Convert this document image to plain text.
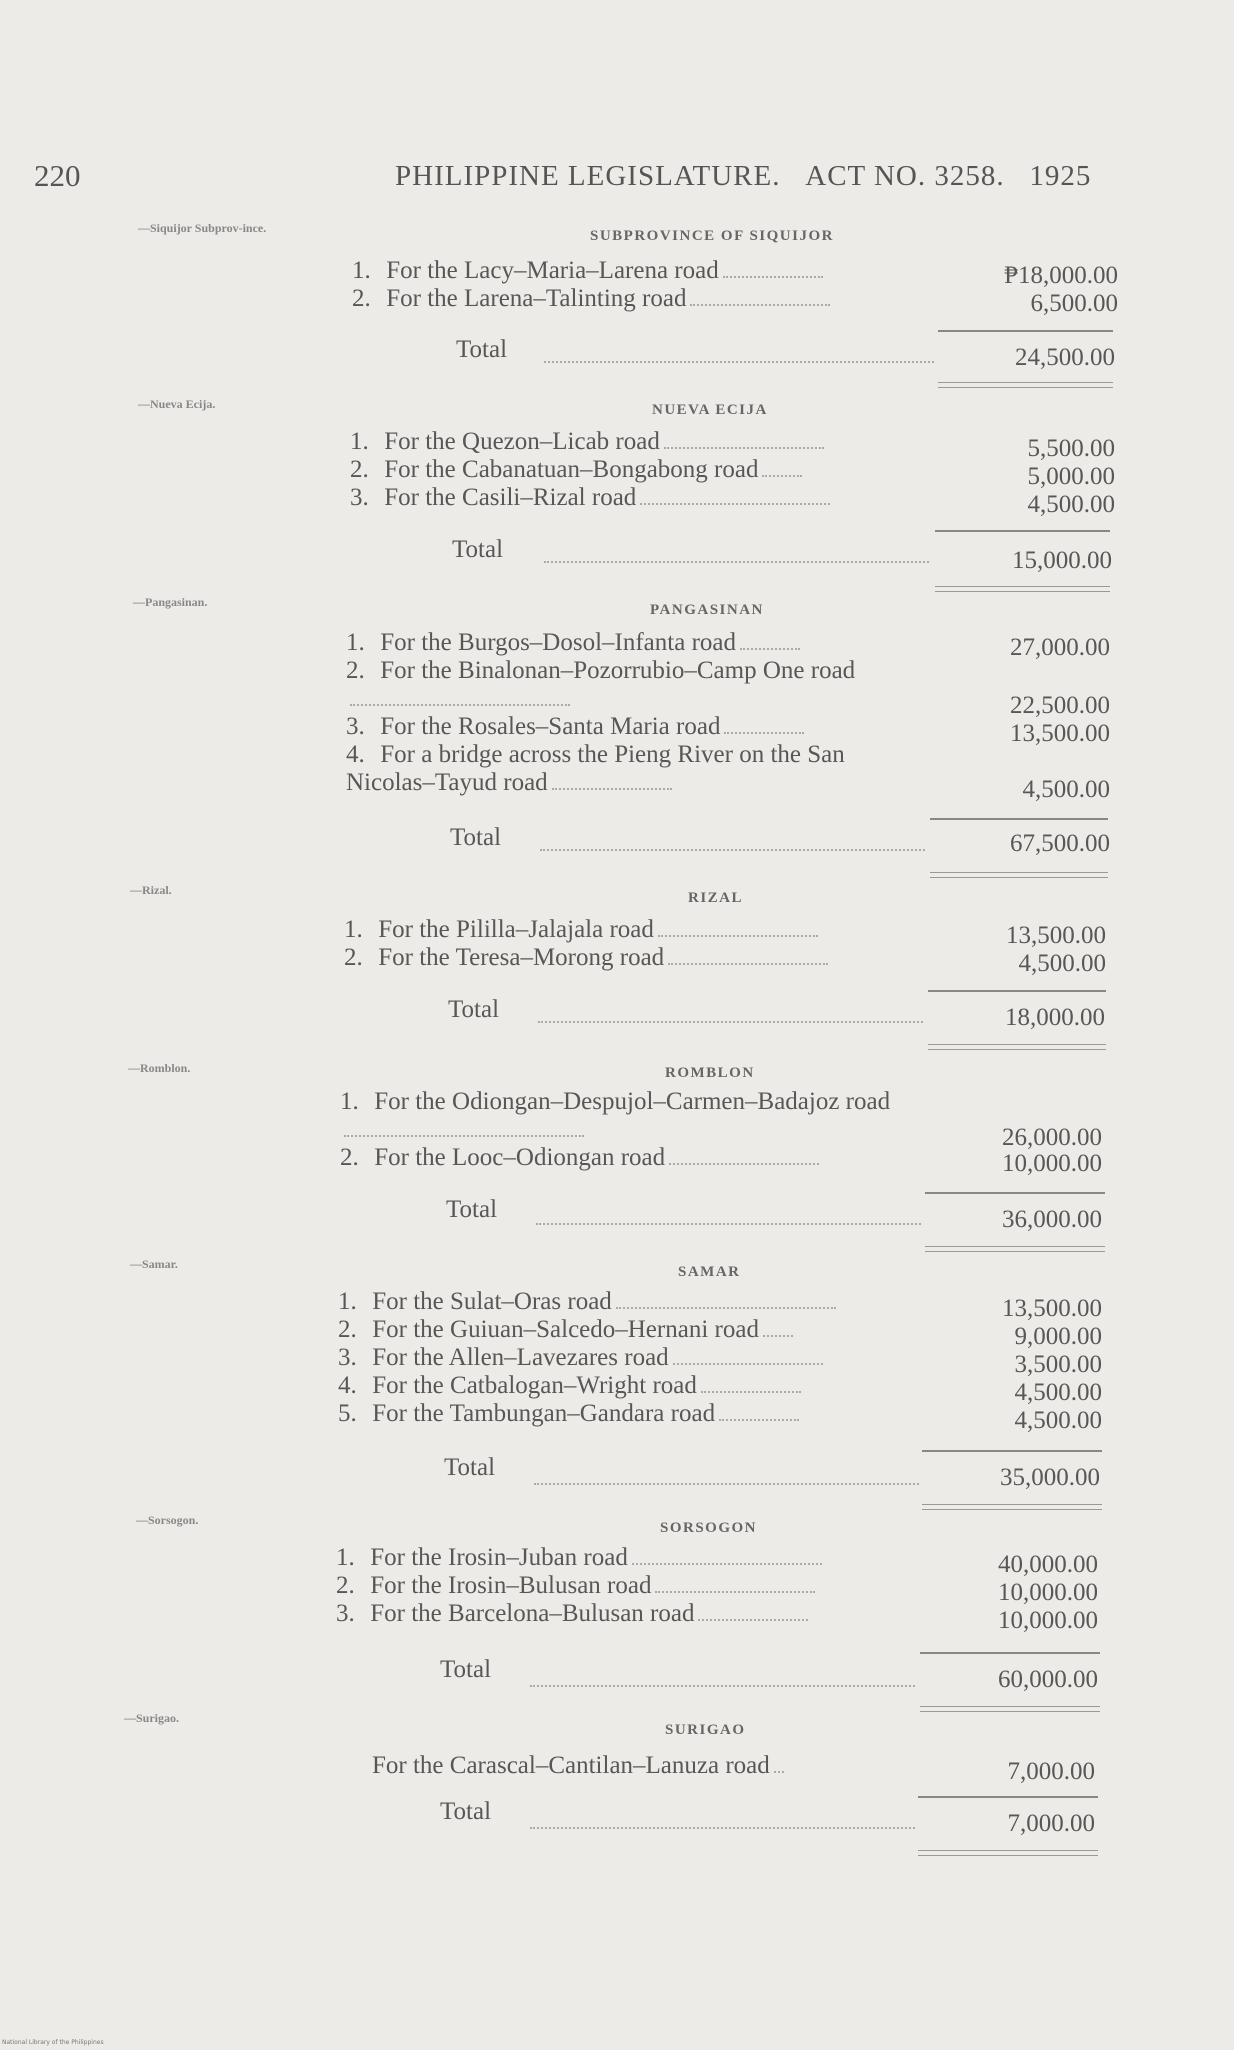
220	PHILIPPINE LEGISLATURE. ACT NO. 3258. 1925
—Siquijor Subprov-ince.	SUBPROVINCE OF SIQUIJOR
1. For the Lacy–Maria–Larena road	₱18,000.00
2. For the Larena–Talinting road	6,500.00
Total	24,500.00
—Nueva Ecija.	NUEVA ECIJA
1. For the Quezon–Licab road	5,500.00
2. For the Cabanatuan–Bongabong road	5,000.00
3. For the Casili–Rizal road	4,500.00
Total	15,000.00
—Pangasinan.	PANGASINAN
1. For the Burgos–Dosol–Infanta road	27,000.00
2. For the Binalonan–Pozorrubio–Camp One road
22,500.00
3. For the Rosales–Santa Maria road	13,500.00
4. For a bridge across the Pieng River on the San Nicolas–Tayud road	4,500.00
Total	67,500.00
—Rizal.	RIZAL
1. For the Pililla–Jalajala road	13,500.00
2. For the Teresa–Morong road	4,500.00
Total	18,000.00
—Romblon.	ROMBLON
1. For the Odiongan–Despujol–Carmen–Badajoz road
26,000.00
2. For the Looc–Odiongan road	10,000.00
Total	36,000.00
—Samar.	SAMAR
1. For the Sulat–Oras road	13,500.00
2. For the Guiuan–Salcedo–Hernani road	9,000.00
3. For the Allen–Lavezares road	3,500.00
4. For the Catbalogan–Wright road	4,500.00
5. For the Tambungan–Gandara road	4,500.00
Total	35,000.00
—Sorsogon.	SORSOGON
1. For the Irosin–Juban road	40,000.00
2. For the Irosin–Bulusan road	10,000.00
3. For the Barcelona–Bulusan road	10,000.00
Total	60,000.00
—Surigao.
SURIGAO
For the Carascal–Cantilan–Lanuza road	7,000.00
Total	7,000.00
National Library of the Philippines
